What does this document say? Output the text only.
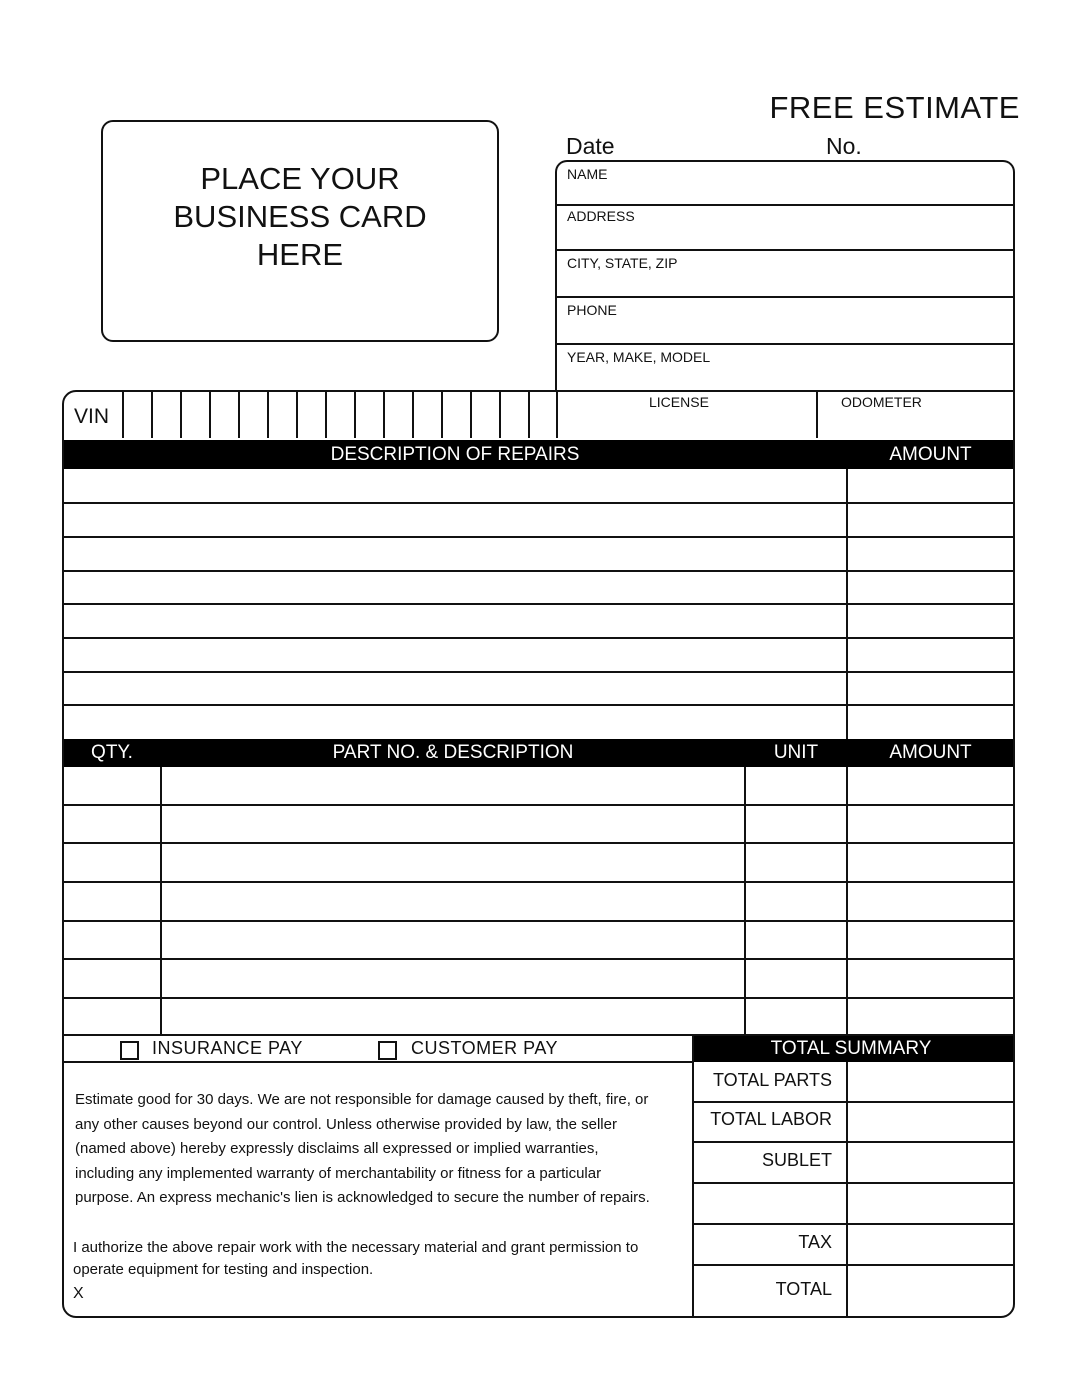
FREE ESTIMATE
PLACE YOUR
BUSINESS CARD
HERE
Date	No.
NAME
ADDRESS
CITY, STATE, ZIP
PHONE
YEAR, MAKE, MODEL
VIN
LICENSE	ODOMETER
DESCRIPTION OF REPAIRS	AMOUNT
QTY.	PART NO. & DESCRIPTION	UNIT	AMOUNT
INSURANCE PAY	CUSTOMER PAY	TOTAL SUMMARY
TOTAL PARTS
TOTAL LABOR
SUBLET
TAX
TOTAL
Estimate good for 30 days. We are not responsible for damage caused by theft, fire, or
any other causes beyond our control. Unless otherwise provided by law, the seller
(named above) hereby expressly disclaims all expressed or implied warranties,
including any implemented warranty of merchantability or fitness for a particular
purpose. An express mechanic's lien is acknowledged to secure the number of repairs.
I authorize the above repair work with the necessary material and grant permission to
operate equipment for testing and inspection.
X
